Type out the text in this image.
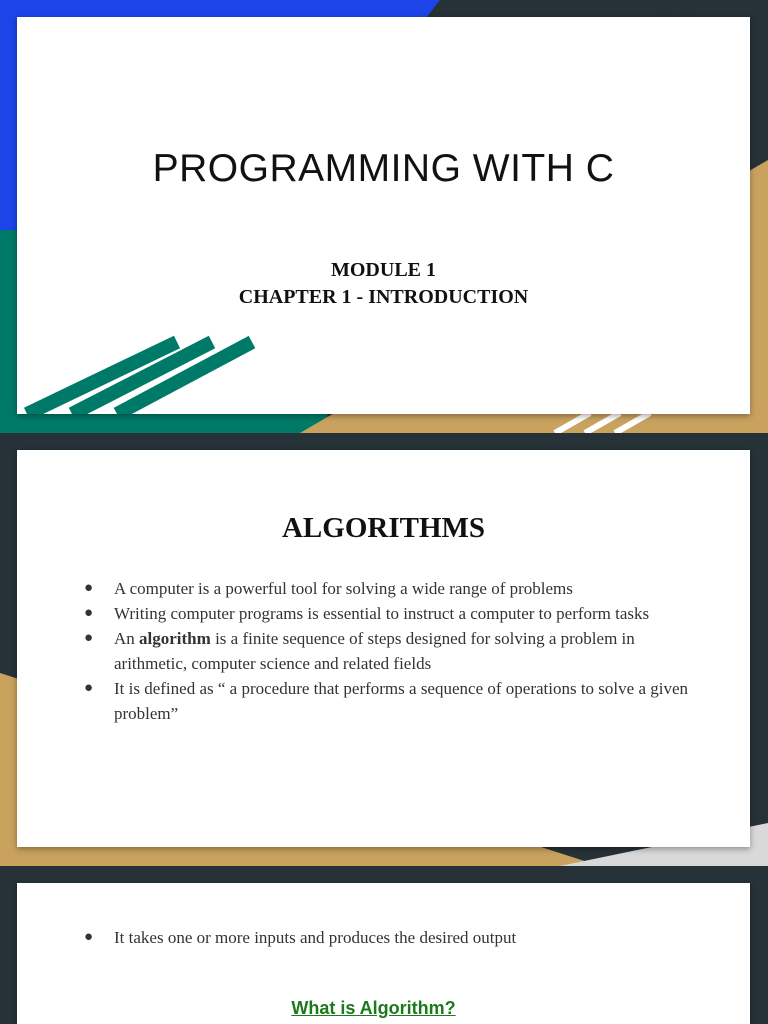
PROGRAMMING WITH C
MODULE 1
CHAPTER 1 - INTRODUCTION
ALGORITHMS
● A computer is a powerful tool for solving a wide range of problems
● Writing computer programs is essential to instruct a computer to perform tasks
● An algorithm is a finite sequence of steps designed for solving a problem in arithmetic, computer science and related fields
● It is defined as “ a procedure that performs a sequence of operations to solve a given problem”
● It takes one or more inputs and produces the desired output
What is Algorithm?
